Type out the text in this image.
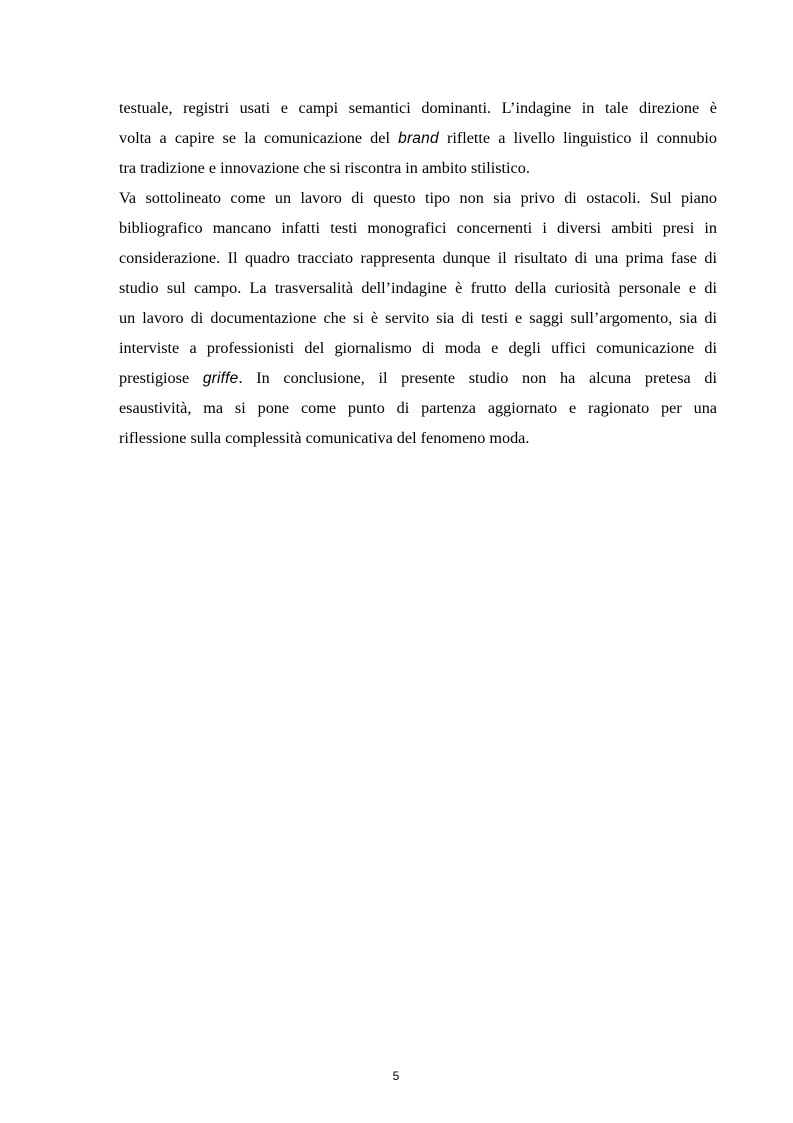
testuale, registri usati e campi semantici dominanti. L’indagine in tale direzione è
volta a capire se la comunicazione del brand riflette a livello linguistico il connubio
tra tradizione e innovazione che si riscontra in ambito stilistico.
Va sottolineato come un lavoro di questo tipo non sia privo di ostacoli. Sul piano
bibliografico mancano infatti testi monografici concernenti i diversi ambiti presi in
considerazione. Il quadro tracciato rappresenta dunque il risultato di una prima fase di
studio sul campo. La trasversalità dell’indagine è frutto della curiosità personale e di
un lavoro di documentazione che si è servito sia di testi e saggi sull’argomento, sia di
interviste a professionisti del giornalismo di moda e degli uffici comunicazione di
prestigiose griffe. In conclusione, il presente studio non ha alcuna pretesa di
esaustività, ma si pone come punto di partenza aggiornato e ragionato per una
riflessione sulla complessità comunicativa del fenomeno moda.
5
